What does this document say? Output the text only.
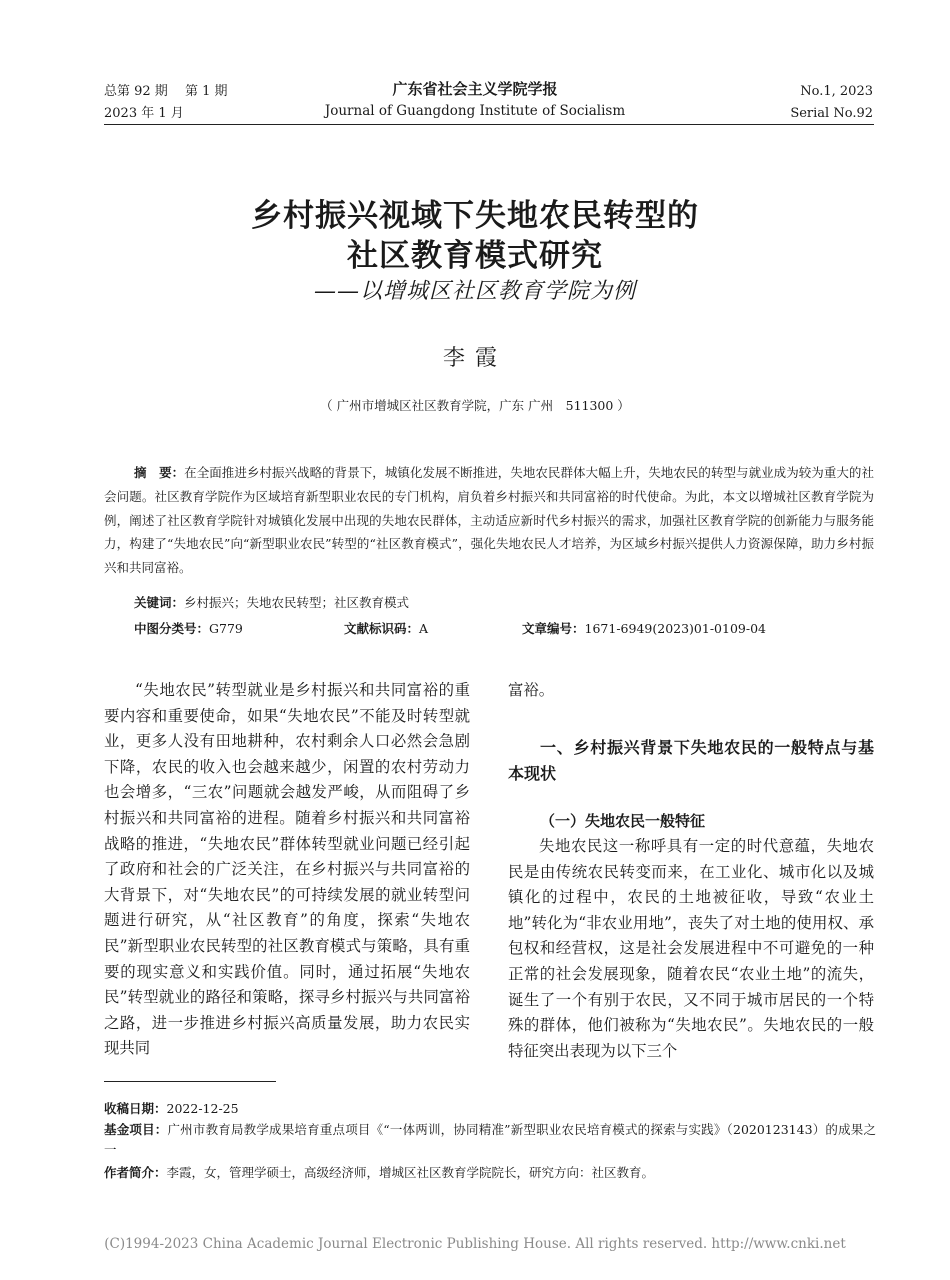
总第 92 期　 第 1 期
2023 年 1 月
广东省社会主义学院学报
Journal of Guangdong Institute of Socialism
No.1, 2023
Serial No.92
乡村振兴视域下失地农民转型的
社区教育模式研究
——以增城区社区教育学院为例
李霞
（ 广州市增城区社区教育学院，广东 广州　511300 ）
摘　要：在全面推进乡村振兴战略的背景下，城镇化发展不断推进，失地农民群体大幅上升，失地农民的转型与就业成为较为重大的社会问题。社区教育学院作为区域培育新型职业农民的专门机构，肩负着乡村振兴和共同富裕的时代使命。为此，本文以增城社区教育学院为例，阐述了社区教育学院针对城镇化发展中出现的失地农民群体，主动适应新时代乡村振兴的需求，加强社区教育学院的创新能力与服务能力，构建了“失地农民”向“新型职业农民”转型的“社区教育模式”，强化失地农民人才培养，为区域乡村振兴提供人力资源保障，助力乡村振兴和共同富裕。
关键词：乡村振兴；失地农民转型；社区教育模式
中图分类号：G779	文献标识码：A	文章编号：1671-6949(2023)01-0109-04
“失地农民”转型就业是乡村振兴和共同富裕的重要内容和重要使命，如果“失地农民”不能及时转型就业，更多人没有田地耕种，农村剩余人口必然会急剧下降，农民的收入也会越来越少，闲置的农村劳动力也会增多，“三农”问题就会越发严峻，从而阻碍了乡村振兴和共同富裕的进程。随着乡村振兴和共同富裕战略的推进，“失地农民”群体转型就业问题已经引起了政府和社会的广泛关注，在乡村振兴与共同富裕的大背景下，对“失地农民”的可持续发展的就业转型问题进行研究，从“社区教育”的角度，探索“失地农民”新型职业农民转型的社区教育模式与策略，具有重要的现实意义和实践价值。同时，通过拓展“失地农民”转型就业的路径和策略，探寻乡村振兴与共同富裕之路，进一步推进乡村振兴高质量发展，助力农民实现共同
富裕。
一、乡村振兴背景下失地农民的一般特点与基本现状
（一）失地农民一般特征
失地农民这一称呼具有一定的时代意蕴，失地农民是由传统农民转变而来，在工业化、城市化以及城镇化的过程中，农民的土地被征收，导致“农业土地”转化为“非农业用地”，丧失了对土地的使用权、承包权和经营权，这是社会发展进程中不可避免的一种正常的社会发展现象，随着农民“农业土地”的流失，诞生了一个有别于农民，又不同于城市居民的一个特殊的群体，他们被称为“失地农民”。失地农民的一般特征突出表现为以下三个
收稿日期：2022-12-25
基金项目：广州市教育局教学成果培育重点项目《“一体两训，协同精准”新型职业农民培育模式的探索与实践》（2020123143）的成果之一
作者简介：李霞，女，管理学硕士，高级经济师，增城区社区教育学院院长，研究方向：社区教育。
(C)1994-2023 China Academic Journal Electronic Publishing House. All rights reserved. http://www.cnki.net
